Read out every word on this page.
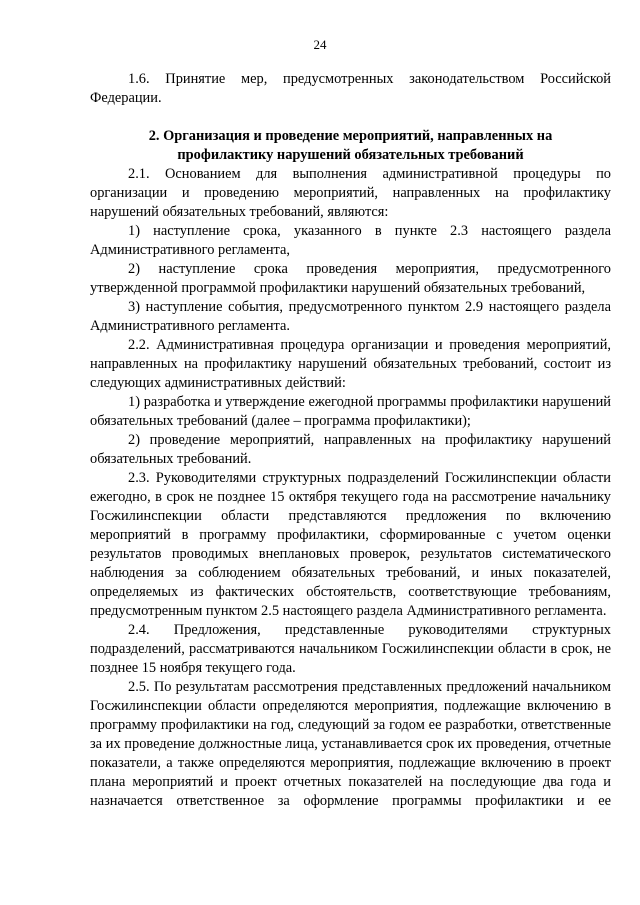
24

1.6. Принятие мер, предусмотренных законодательством Российской Федерации.

2. Организация и проведение мероприятий, направленных на
профилактику нарушений обязательных требований

2.1. Основанием для выполнения административной процедуры по организации и проведению мероприятий, направленных на профилактику нарушений обязательных требований, являются:

1) наступление срока, указанного в пункте 2.3 настоящего раздела Административного регламента,

2) наступление срока проведения мероприятия, предусмотренного утвержденной программой профилактики нарушений обязательных требований,

3) наступление события, предусмотренного пунктом 2.9 настоящего раздела Административного регламента.

2.2. Административная процедура организации и проведения мероприятий, направленных на профилактику нарушений обязательных требований, состоит из следующих административных действий:

1) разработка и утверждение ежегодной программы профилактики нарушений обязательных требований (далее – программа профилактики);

2) проведение мероприятий, направленных на профилактику нарушений обязательных требований.

2.3. Руководителями структурных подразделений Госжилинспекции области ежегодно, в срок не позднее 15 октября текущего года на рассмотрение начальнику Госжилинспекции области представляются предложения по включению мероприятий в программу профилактики, сформированные с учетом оценки результатов проводимых внеплановых проверок, результатов систематического наблюдения за соблюдением обязательных требований, и иных показателей, определяемых из фактических обстоятельств, соответствующие требованиям, предусмотренным пунктом 2.5 настоящего раздела Административного регламента.

2.4. Предложения, представленные руководителями структурных подразделений, рассматриваются начальником Госжилинспекции области в срок, не позднее 15 ноября текущего года.

2.5. По результатам рассмотрения представленных предложений начальником Госжилинспекции области определяются мероприятия, подлежащие включению в программу профилактики на год, следующий за годом ее разработки, ответственные за их проведение должностные лица, устанавливается срок их проведения, отчетные показатели, а также определяются мероприятия, подлежащие включению в проект плана мероприятий и проект отчетных показателей на последующие два года и назначается ответственное за оформление программы профилактики и ее
